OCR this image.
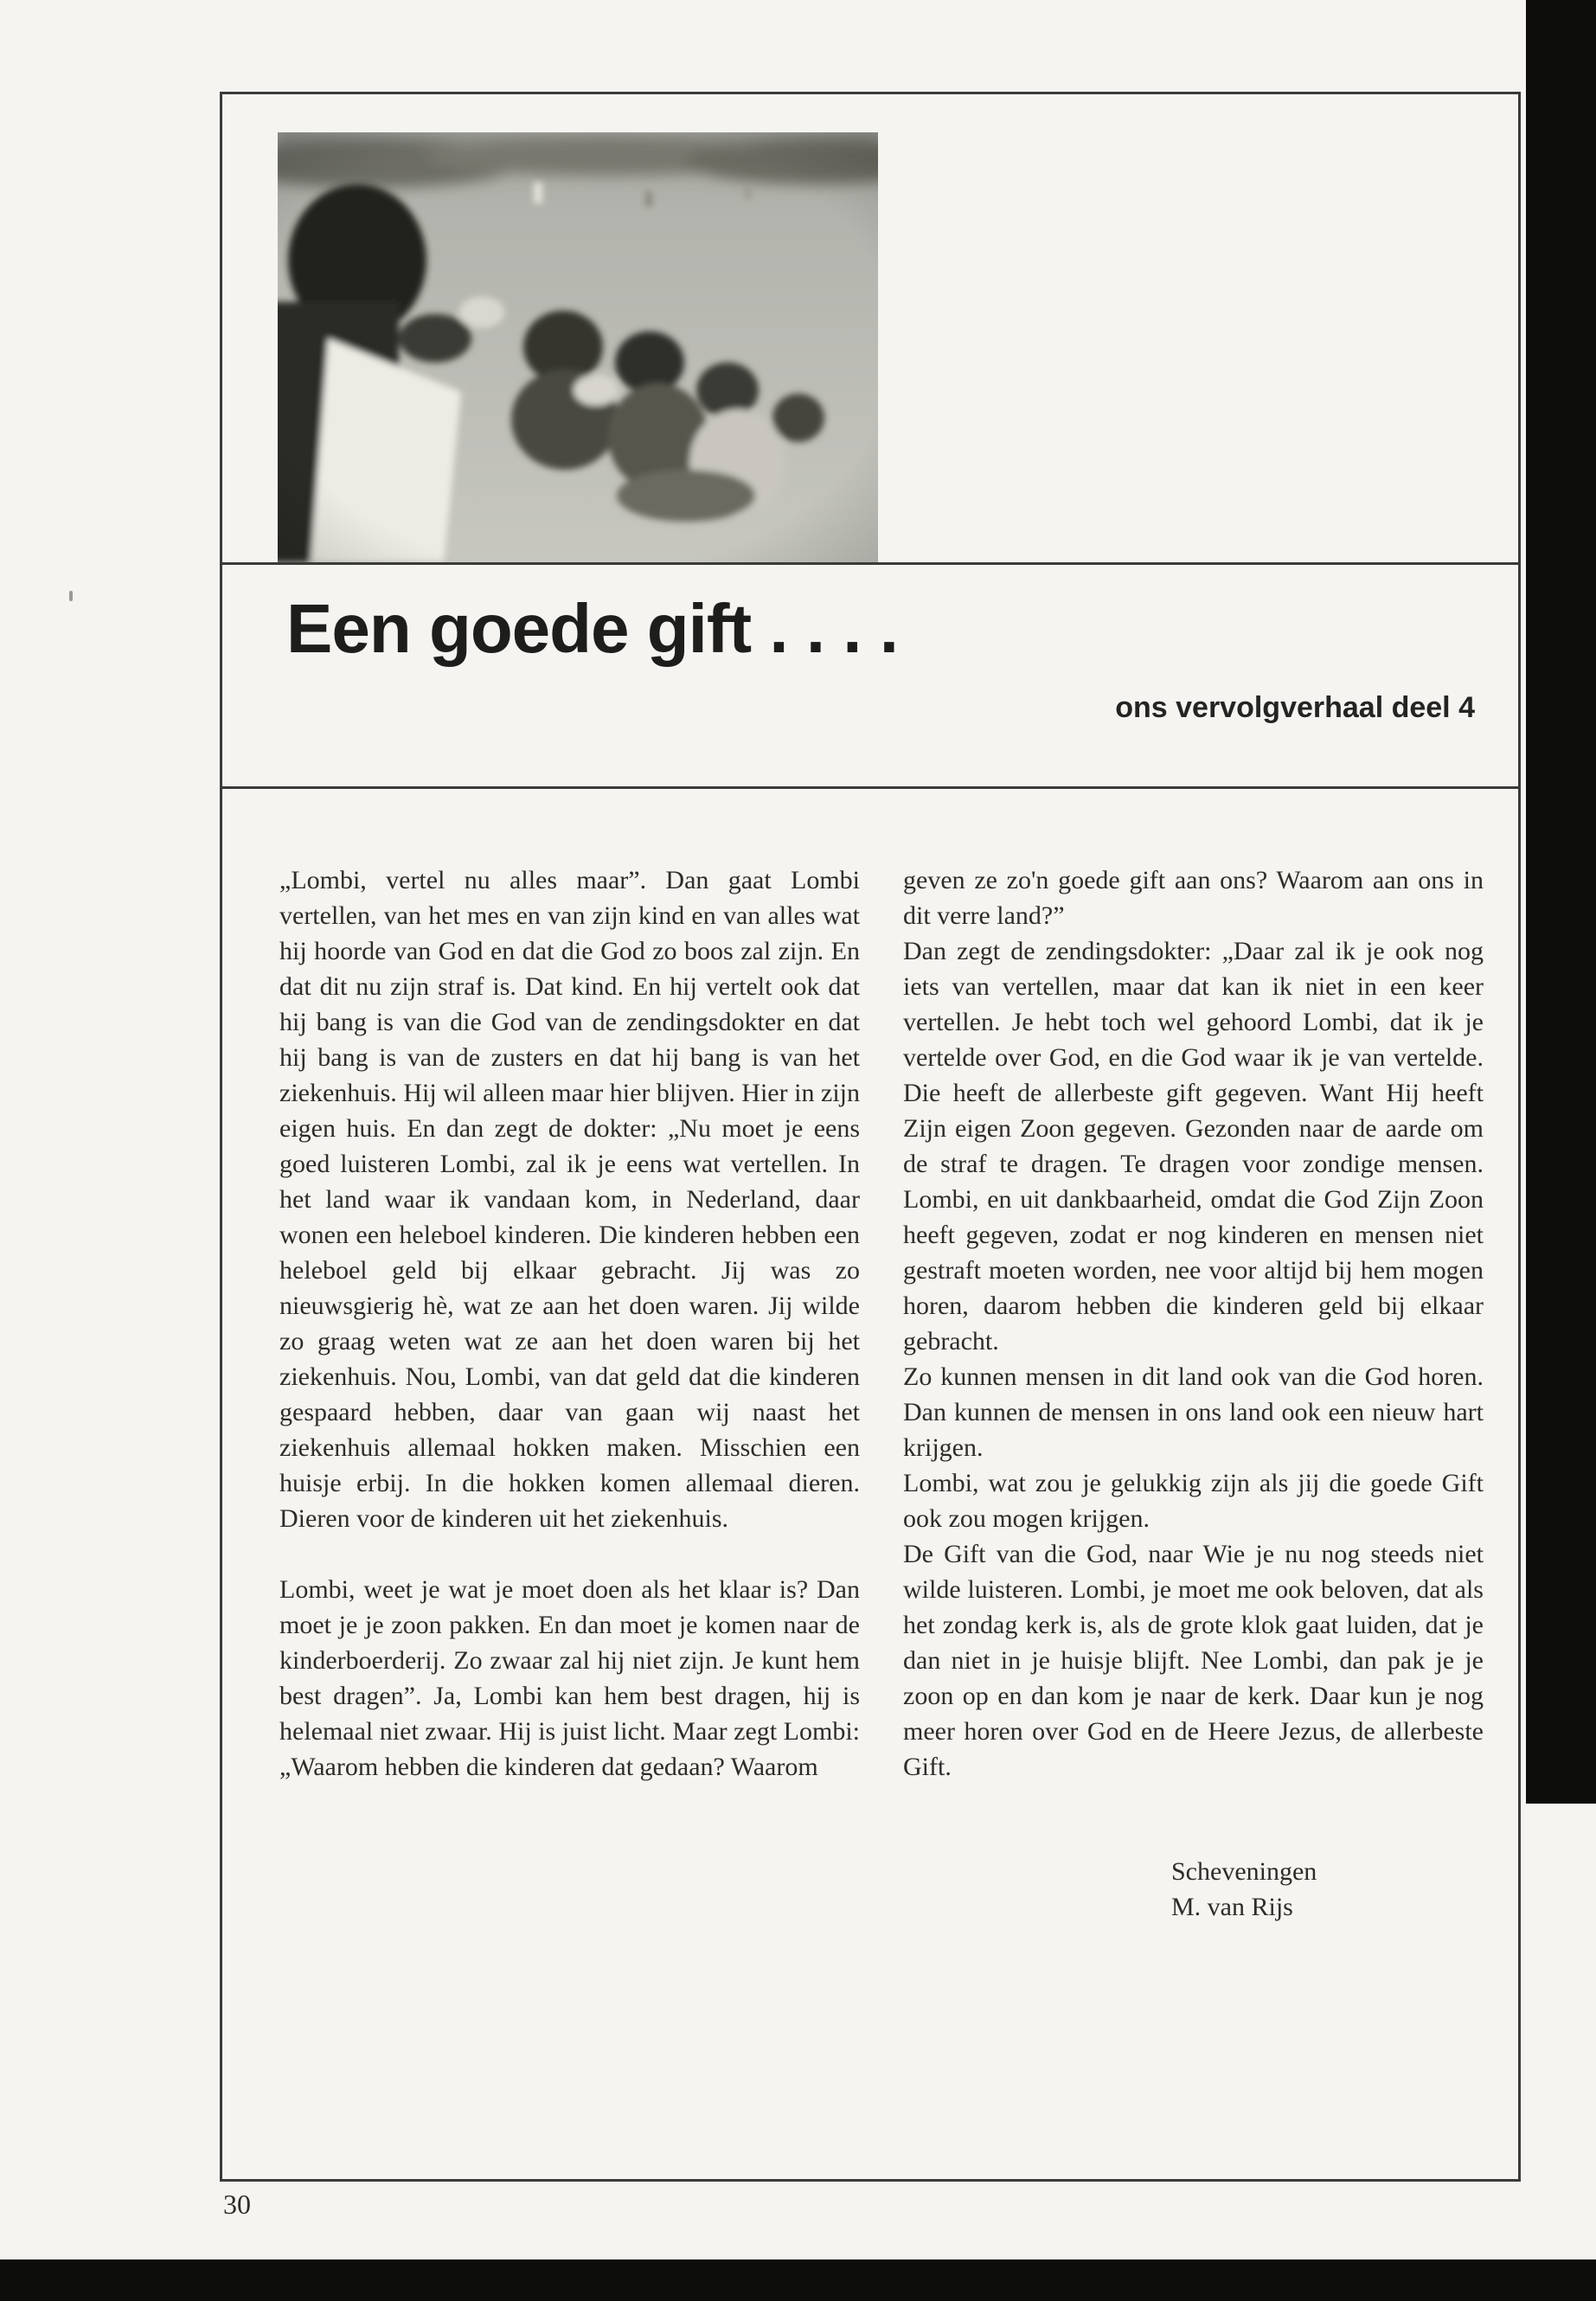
Een goede gift . . . .
ons vervolgverhaal deel 4

„Lombi, vertel nu alles maar”. Dan gaat Lombi vertellen, van het mes en van zijn kind en van alles wat hij hoorde van God en dat die God zo boos zal zijn. En dat dit nu zijn straf is. Dat kind. En hij vertelt ook dat hij bang is van die God van de zendingsdokter en dat hij bang is van de zusters en dat hij bang is van het ziekenhuis. Hij wil alleen maar hier blijven. Hier in zijn eigen huis. En dan zegt de dokter: „Nu moet je eens goed luisteren Lombi, zal ik je eens wat vertellen. In het land waar ik vandaan kom, in Nederland, daar wonen een heleboel kinderen. Die kinderen hebben een heleboel geld bij elkaar gebracht. Jij was zo nieuwsgierig hè, wat ze aan het doen waren. Jij wilde zo graag weten wat ze aan het doen waren bij het ziekenhuis. Nou, Lombi, van dat geld dat die kinderen gespaard hebben, daar van gaan wij naast het ziekenhuis allemaal hokken maken. Misschien een huisje erbij. In die hokken komen allemaal dieren. Dieren voor de kinderen uit het ziekenhuis.

Lombi, weet je wat je moet doen als het klaar is? Dan moet je je zoon pakken. En dan moet je komen naar de kinderboerderij. Zo zwaar zal hij niet zijn. Je kunt hem best dragen”. Ja, Lombi kan hem best dragen, hij is helemaal niet zwaar. Hij is juist licht. Maar zegt Lombi: „Waarom hebben die kinderen dat gedaan? Waarom

geven ze zo'n goede gift aan ons? Waarom aan ons in dit verre land?”

Dan zegt de zendingsdokter: „Daar zal ik je ook nog iets van vertellen, maar dat kan ik niet in een keer vertellen. Je hebt toch wel gehoord Lombi, dat ik je vertelde over God, en die God waar ik je van vertelde. Die heeft de allerbeste gift gegeven. Want Hij heeft Zijn eigen Zoon gegeven. Gezonden naar de aarde om de straf te dragen. Te dragen voor zondige mensen. Lombi, en uit dankbaarheid, omdat die God Zijn Zoon heeft gegeven, zodat er nog kinderen en mensen niet gestraft moeten worden, nee voor altijd bij hem mogen horen, daarom hebben die kinderen geld bij elkaar gebracht.

Zo kunnen mensen in dit land ook van die God horen. Dan kunnen de mensen in ons land ook een nieuw hart krijgen.

Lombi, wat zou je gelukkig zijn als jij die goede Gift ook zou mogen krijgen.

De Gift van die God, naar Wie je nu nog steeds niet wilde luisteren. Lombi, je moet me ook beloven, dat als het zondag kerk is, als de grote klok gaat luiden, dat je dan niet in je huisje blijft. Nee Lombi, dan pak je je zoon op en dan kom je naar de kerk. Daar kun je nog meer horen over God en de Heere Jezus, de allerbeste Gift.

Scheveningen
M. van Rijs
30
